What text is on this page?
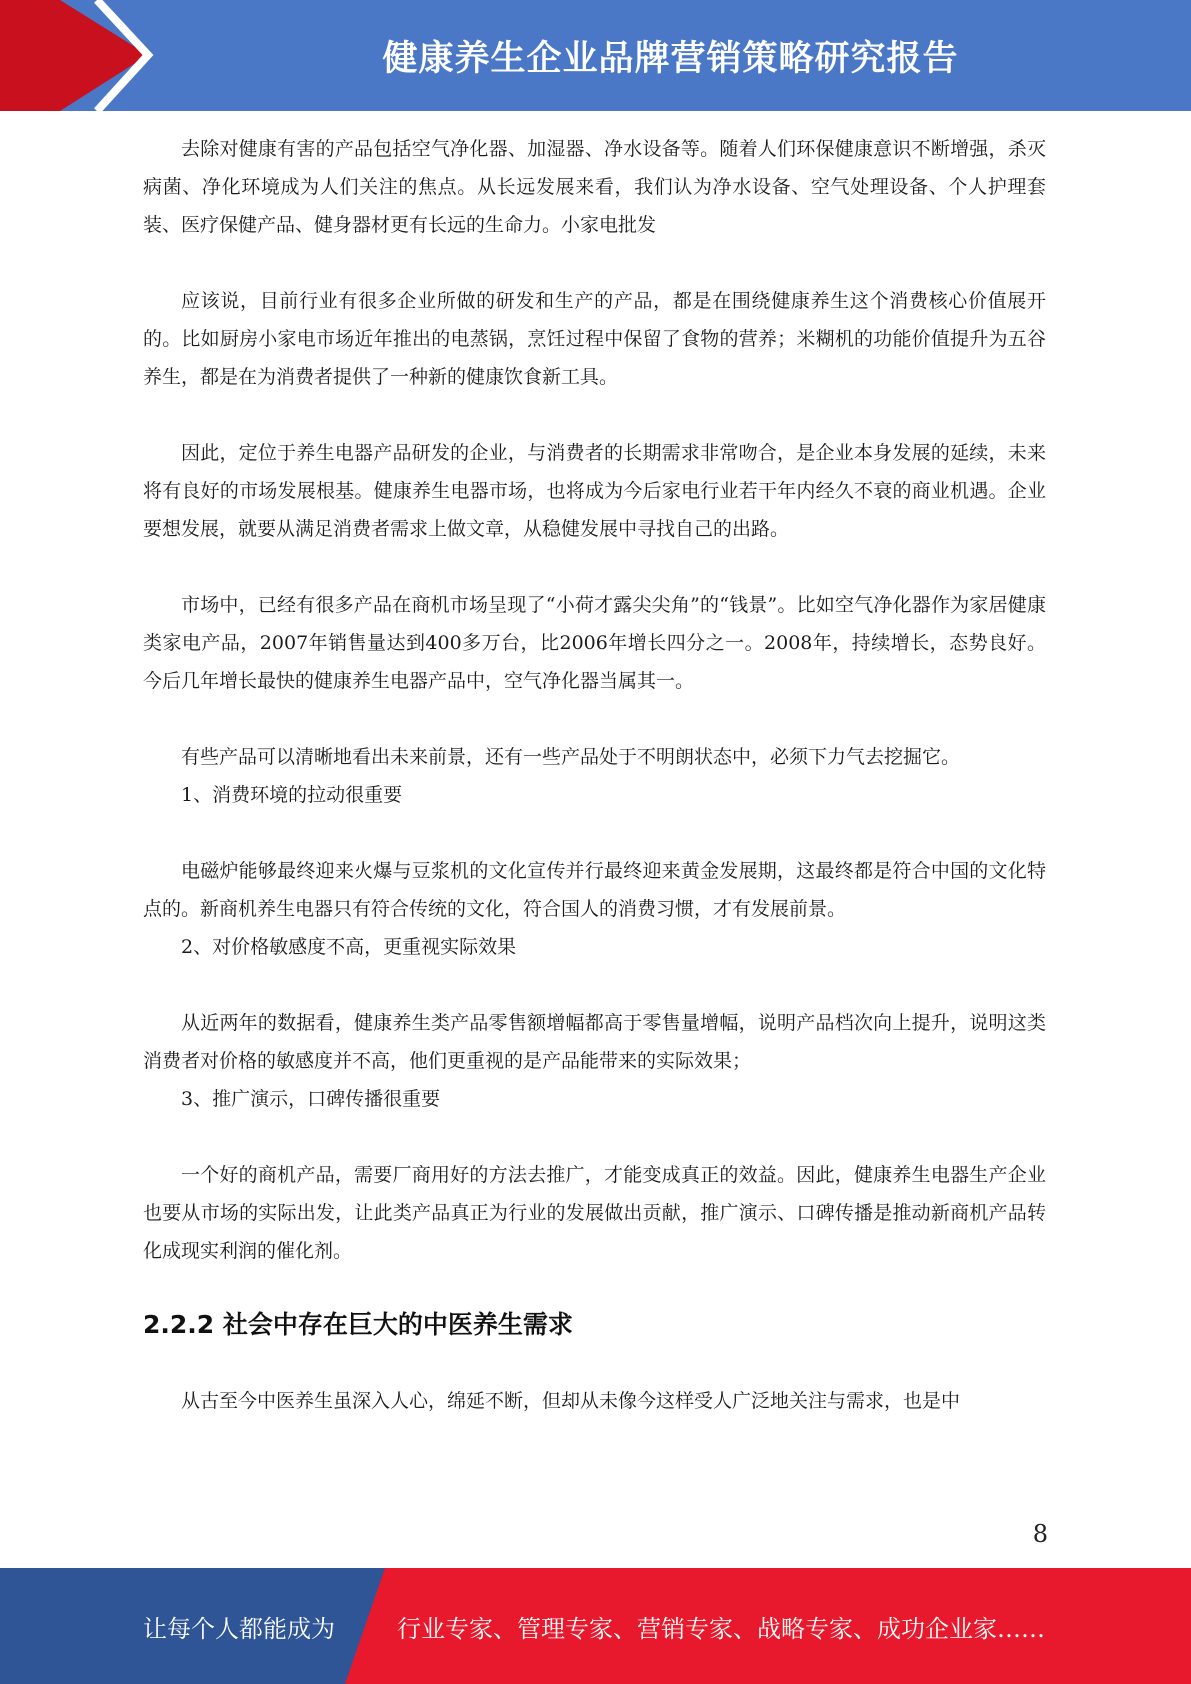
健康养生企业品牌营销策略研究报告

去除对健康有害的产品包括空气净化器、加湿器、净水设备等。随着人们环保健康意识不断增强，杀灭病菌、净化环境成为人们关注的焦点。从长远发展来看，我们认为净水设备、空气处理设备、个人护理套装、医疗保健产品、健身器材更有长远的生命力。小家电批发

应该说，目前行业有很多企业所做的研发和生产的产品，都是在围绕健康养生这个消费核心价值展开的。比如厨房小家电市场近年推出的电蒸锅，烹饪过程中保留了食物的营养；米糊机的功能价值提升为五谷养生，都是在为消费者提供了一种新的健康饮食新工具。

因此，定位于养生电器产品研发的企业，与消费者的长期需求非常吻合，是企业本身发展的延续，未来将有良好的市场发展根基。健康养生电器市场，也将成为今后家电行业若干年内经久不衰的商业机遇。企业要想发展，就要从满足消费者需求上做文章，从稳健发展中寻找自己的出路。

市场中，已经有很多产品在商机市场呈现了“小荷才露尖尖角”的“钱景”。比如空气净化器作为家居健康类家电产品，2007年销售量达到400多万台，比2006年增长四分之一。2008年，持续增长，态势良好。今后几年增长最快的健康养生电器产品中，空气净化器当属其一。

有些产品可以清晰地看出未来前景，还有一些产品处于不明朗状态中，必须下力气去挖掘它。

1、消费环境的拉动很重要

电磁炉能够最终迎来火爆与豆浆机的文化宣传并行最终迎来黄金发展期，这最终都是符合中国的文化特点的。新商机养生电器只有符合传统的文化，符合国人的消费习惯，才有发展前景。

2、对价格敏感度不高，更重视实际效果

从近两年的数据看，健康养生类产品零售额增幅都高于零售量增幅，说明产品档次向上提升，说明这类消费者对价格的敏感度并不高，他们更重视的是产品能带来的实际效果；

3、推广演示，口碑传播很重要

一个好的商机产品，需要厂商用好的方法去推广，才能变成真正的效益。因此，健康养生电器生产企业也要从市场的实际出发，让此类产品真正为行业的发展做出贡献，推广演示、口碑传播是推动新商机产品转化成现实利润的催化剂。

2.2.2 社会中存在巨大的中医养生需求

从古至今中医养生虽深入人心，绵延不断，但却从未像今这样受人广泛地关注与需求，也是中

8
让每个人都能成为	行业专家、管理专家、营销专家、战略专家、成功企业家……
